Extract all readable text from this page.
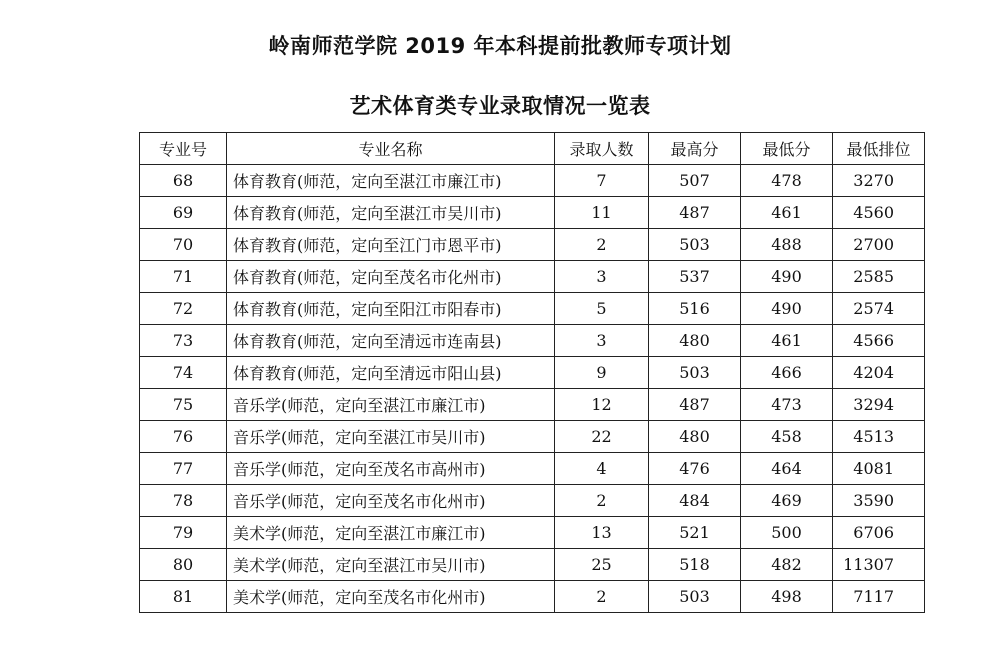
岭南师范学院 2019 年本科提前批教师专项计划
艺术体育类专业录取情况一览表
专业号	专业名称	录取人数	最高分	最低分	最低排位
68	体育教育(师范，定向至湛江市廉江市)	7	507	478	3270
69	体育教育(师范，定向至湛江市吴川市)	11	487	461	4560
70	体育教育(师范，定向至江门市恩平市)	2	503	488	2700
71	体育教育(师范，定向至茂名市化州市)	3	537	490	2585
72	体育教育(师范，定向至阳江市阳春市)	5	516	490	2574
73	体育教育(师范，定向至清远市连南县)	3	480	461	4566
74	体育教育(师范，定向至清远市阳山县)	9	503	466	4204
75	音乐学(师范，定向至湛江市廉江市)	12	487	473	3294
76	音乐学(师范，定向至湛江市吴川市)	22	480	458	4513
77	音乐学(师范，定向至茂名市高州市)	4	476	464	4081
78	音乐学(师范，定向至茂名市化州市)	2	484	469	3590
79	美术学(师范，定向至湛江市廉江市)	13	521	500	6706
80	美术学(师范，定向至湛江市吴川市)	25	518	482	11307
81	美术学(师范，定向至茂名市化州市)	2	503	498	7117
